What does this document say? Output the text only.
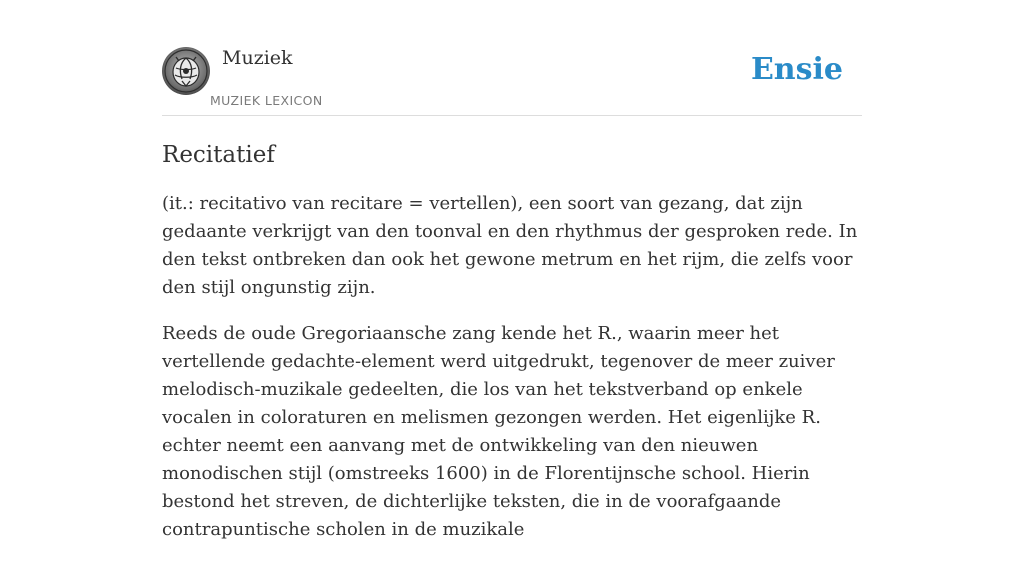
Muziek
MUZIEK LEXICON
Ensie
Recitatief

(it.: recitativo van recitare = vertellen), een soort van gezang, dat zijn gedaante verkrijgt van den toonval en den rhythmus der gesproken rede. In den tekst ontbreken dan ook het gewone metrum en het rijm, die zelfs voor den stijl ongunstig zijn.

Reeds de oude Gregoriaansche zang kende het R., waarin meer het vertellende gedachte-element werd uitgedrukt, tegenover de meer zuiver melodisch-muzikale gedeelten, die los van het tekstverband op enkele vocalen in coloraturen en melismen gezongen werden. Het eigenlijke R. echter neemt een aanvang met de ontwikkeling van den nieuwen monodischen stijl (omstreeks 1600) in de Florentijnsche school. Hierin bestond het streven, de dichterlijke teksten, die in de voorafgaande contrapuntische scholen in de muzikale
